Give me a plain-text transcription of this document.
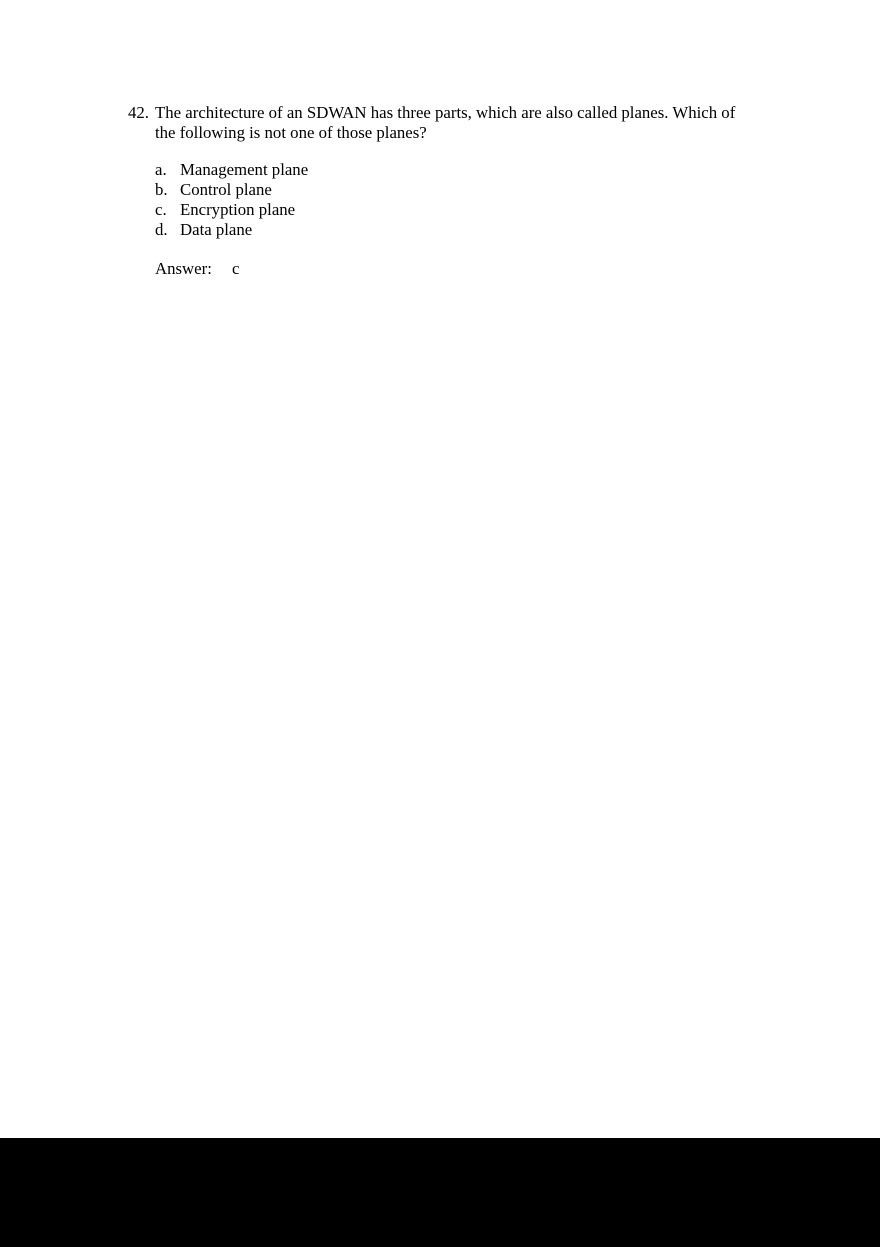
42. The architecture of an SDWAN has three parts, which are also called planes. Which of the following is not one of those planes?
a. Management plane
b. Control plane
c. Encryption plane
d. Data plane
Answer:	c
